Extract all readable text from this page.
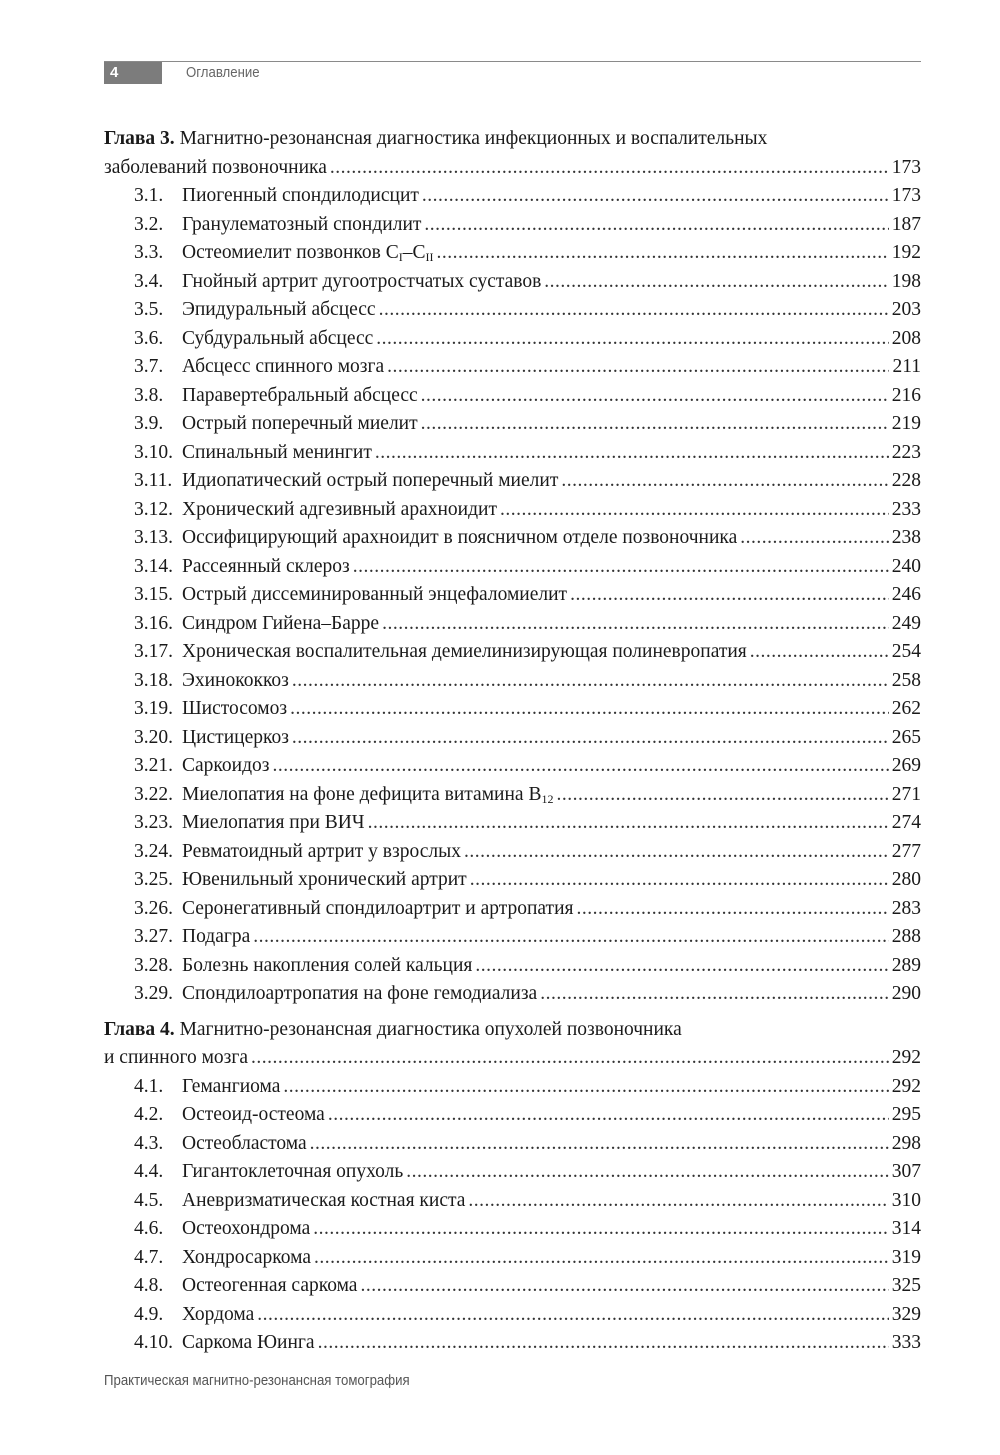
4	Оглавление
Глава 3. Магнитно-резонансная диагностика инфекционных и воспалительных
заболеваний позвоночника .....	173
3.1. Пиогенный спондилодисцит .....	173
3.2. Гранулематозный спондилит .....	187
3.3. Остеомиелит позвонков $C_I-C_{II}$ .....	192
3.4. Гнойный артрит дугоотростчатых суставов .....	198
3.5. Эпидуральный абсцесс .....	203
3.6. Субдуральный абсцесс .....	208
3.7. Абсцесс спинного мозга .....	211
3.8. Паравертебральный абсцесс .....	216
3.9. Острый поперечный миелит .....	219
3.10. Спинальный менингит .....	223
3.11. Идиопатический острый поперечный миелит .....	228
3.12. Хронический адгезивный арахноидит .....	233
3.13. Оссифицирующий арахноидит в поясничном отделе позвоночника .....	238
3.14. Рассеянный склероз .....	240
3.15. Острый диссеминированный энцефаломиелит .....	246
3.16. Синдром Гийена–Барре .....	249
3.17. Хроническая воспалительная демиелинизирующая полиневропатия .....	254
3.18. Эхинококкоз .....	258
3.19. Шистосомоз .....	262
3.20. Цистицеркоз .....	265
3.21. Саркоидоз .....	269
3.22. Миелопатия на фоне дефицита витамина $B_{12}$ .....	271
3.23. Миелопатия при ВИЧ .....	274
3.24. Ревматоидный артрит у взрослых .....	277
3.25. Ювенильный хронический артрит .....	280
3.26. Серонегативный спондилоартрит и артропатия .....	283
3.27. Подагра .....	288
3.28. Болезнь накопления солей кальция .....	289
3.29. Спондилоартропатия на фоне гемодиализа .....	290
Глава 4. Магнитно-резонансная диагностика опухолей позвоночника
и спинного мозга .....	292
4.1. Гемангиома .....	292
4.2. Остеоид-остеома .....	295
4.3. Остеобластома .....	298
4.4. Гигантоклеточная опухоль .....	307
4.5. Аневризматическая костная киста .....	310
4.6. Остеохондрома .....	314
4.7. Хондросаркома .....	319
4.8. Остеогенная саркома .....	325
4.9. Хордома .....	329
4.10. Саркома Юинга .....	333
Практическая магнитно-резонансная томография
